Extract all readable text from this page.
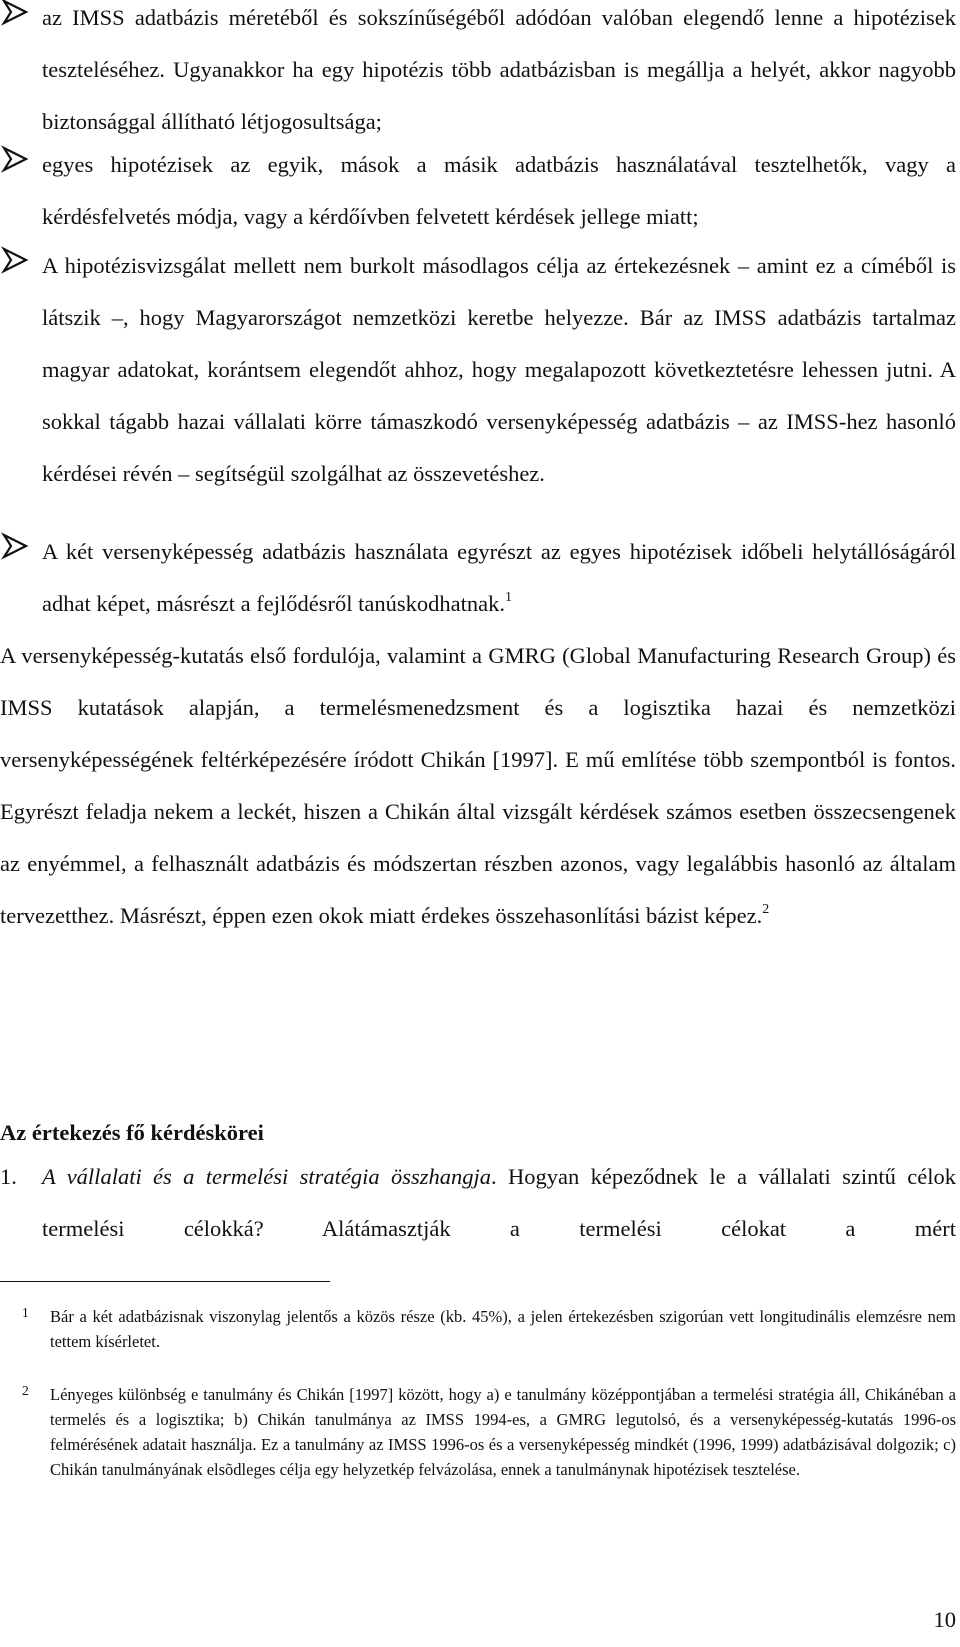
az IMSS adatbázis méretéből és sokszínűségéből adódóan valóban elegendő lenne a hipotézisek teszteléséhez. Ugyanakkor ha egy hipotézis több adatbázisban is megállja a helyét, akkor nagyobb biztonsággal állítható létjogosultsága;
egyes hipotézisek az egyik, mások a másik adatbázis használatával tesztelhetők, vagy a kérdésfelvetés módja, vagy a kérdőívben felvetett kérdések jellege miatt;
A hipotézisvizsgálat mellett nem burkolt másodlagos célja az értekezésnek – amint ez a címéből is látszik –, hogy Magyarországot nemzetközi keretbe helyezze. Bár az IMSS adatbázis tartalmaz magyar adatokat, korántsem elegendőt ahhoz, hogy megalapozott következtetésre lehessen jutni. A sokkal tágabb hazai vállalati körre támaszkodó versenyképesség adatbázis – az IMSS-hez hasonló kérdései révén – segítségül szolgálhat az összevetéshez.
A két versenyképesség adatbázis használata egyrészt az egyes hipotézisek időbeli helytállóságáról adhat képet, másrészt a fejlődésről tanúskodhatnak.$^1$
A versenyképesség-kutatás első fordulója, valamint a GMRG (Global Manufacturing Research Group) és IMSS kutatások alapján, a termelésmenedzsment és a logisztika hazai és nemzetközi versenyképességének feltérképezésére íródott Chikán [1997]. E mű említése több szempontból is fontos. Egyrészt feladja nekem a leckét, hiszen a Chikán által vizsgált kérdések számos esetben összecsengenek az enyémmel, a felhasznált adatbázis és módszertan részben azonos, vagy legalábbis hasonló az általam tervezetthez. Másrészt, éppen ezen okok miatt érdekes összehasonlítási bázist képez.$^2$
Az értekezés fő kérdéskörei
1. A vállalati és a termelési stratégia összhangja. Hogyan képeződnek le a vállalati szintű célok termelési célokká? Alátámasztják a termelési célokat a mért
1 Bár a két adatbázisnak viszonylag jelentős a közös része (kb. 45%), a jelen értekezésben szigorúan vett longitudinális elemzésre nem tettem kísérletet.
2 Lényeges különbség e tanulmány és Chikán [1997] között, hogy a) e tanulmány középpontjában a termelési stratégia áll, Chikánéban a termelés és a logisztika; b) Chikán tanulmánya az IMSS 1994-es, a GMRG legutolsó, és a versenyképesség-kutatás 1996-os felmérésének adatait használja. Ez a tanulmány az IMSS 1996-os és a versenyképesség mindkét (1996, 1999) adatbázisával dolgozik; c) Chikán tanulmányának elsõdleges célja egy helyzetkép felvázolása, ennek a tanulmánynak hipotézisek tesztelése.
10
